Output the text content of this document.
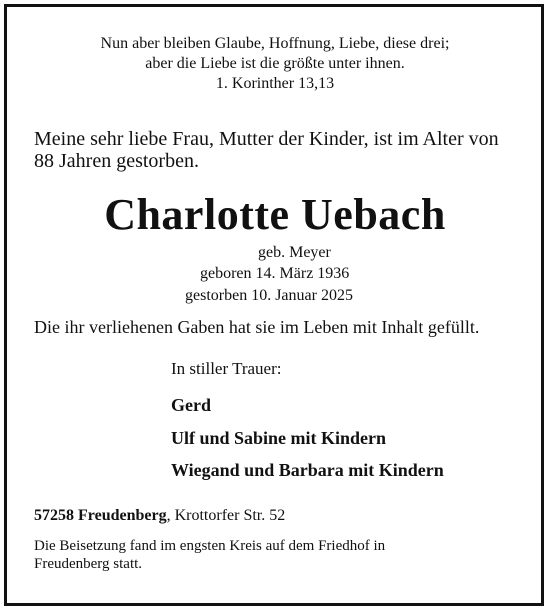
Nun aber bleiben Glaube, Hoffnung, Liebe, diese drei;
aber die Liebe ist die größte unter ihnen.
1. Korinther 13,13
Meine sehr liebe Frau, Mutter der Kinder, ist im Alter von
88 Jahren gestorben.
Charlotte Uebach
geb. Meyer
geboren 14. März 1936
gestorben 10. Januar 2025
Die ihr verliehenen Gaben hat sie im Leben mit Inhalt gefüllt.
In stiller Trauer:
Gerd
Ulf und Sabine mit Kindern
Wiegand und Barbara mit Kindern
57258 Freudenberg, Krottorfer Str. 52
Die Beisetzung fand im engsten Kreis auf dem Friedhof in
Freudenberg statt.
